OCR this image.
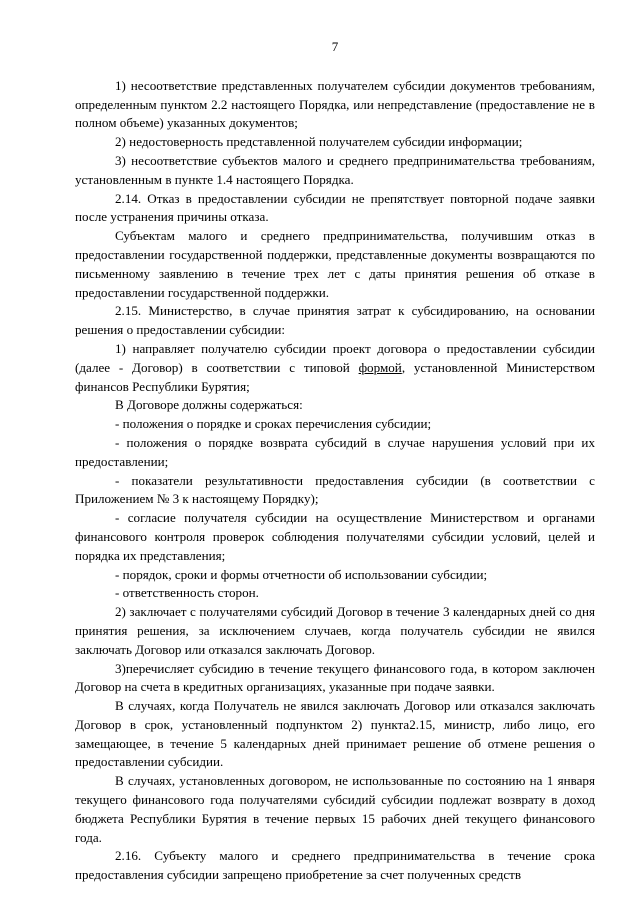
7

1) несоответствие представленных получателем субсидии документов требованиям, определенным пунктом 2.2 настоящего Порядка, или непредставление (предоставление не в полном объеме) указанных документов;

2) недостоверность представленной получателем субсидии информации;

3) несоответствие субъектов малого и среднего предпринимательства требованиям, установленным в пункте 1.4 настоящего Порядка.

2.14. Отказ в предоставлении субсидии не препятствует повторной подаче заявки после устранения причины отказа.

Субъектам малого и среднего предпринимательства, получившим отказ в предоставлении государственной поддержки, представленные документы возвращаются по письменному заявлению в течение трех лет с даты принятия решения об отказе в предоставлении государственной поддержки.

2.15. Министерство, в случае принятия затрат к субсидированию, на основании решения о предоставлении субсидии:

1) направляет получателю субсидии проект договора о предоставлении субсидии (далее - Договор) в соответствии с типовой формой, установленной Министерством финансов Республики Бурятия;

В Договоре должны содержаться:

- положения о порядке и сроках перечисления субсидии;

- положения о порядке возврата субсидий в случае нарушения условий при их предоставлении;

- показатели результативности предоставления субсидии (в соответствии с Приложением № 3 к настоящему Порядку);

- согласие получателя субсидии на осуществление Министерством и органами финансового контроля проверок соблюдения получателями субсидии условий, целей и порядка их представления;

- порядок, сроки и формы отчетности об использовании субсидии;

- ответственность сторон.

2) заключает с получателями субсидий Договор в течение 3 календарных дней со дня принятия решения, за исключением случаев, когда получатель субсидии не явился заключать Договор или отказался заключать Договор.

3)перечисляет субсидию в течение текущего финансового года, в котором заключен Договор на счета в кредитных организациях, указанные при подаче заявки.

В случаях, когда Получатель не явился заключать Договор или отказался заключать Договор в срок, установленный подпунктом 2) пункта2.15, министр, либо лицо, его замещающее, в течение 5 календарных дней принимает решение об отмене решения о предоставлении субсидии.

В случаях, установленных договором, не использованные по состоянию на 1 января текущего финансового года получателями субсидий субсидии подлежат возврату в доход бюджета Республики Бурятия в течение первых 15 рабочих дней текущего финансового года.

2.16. Субъекту малого и среднего предпринимательства в течение срока предоставления субсидии запрещено приобретение за счет полученных средств
